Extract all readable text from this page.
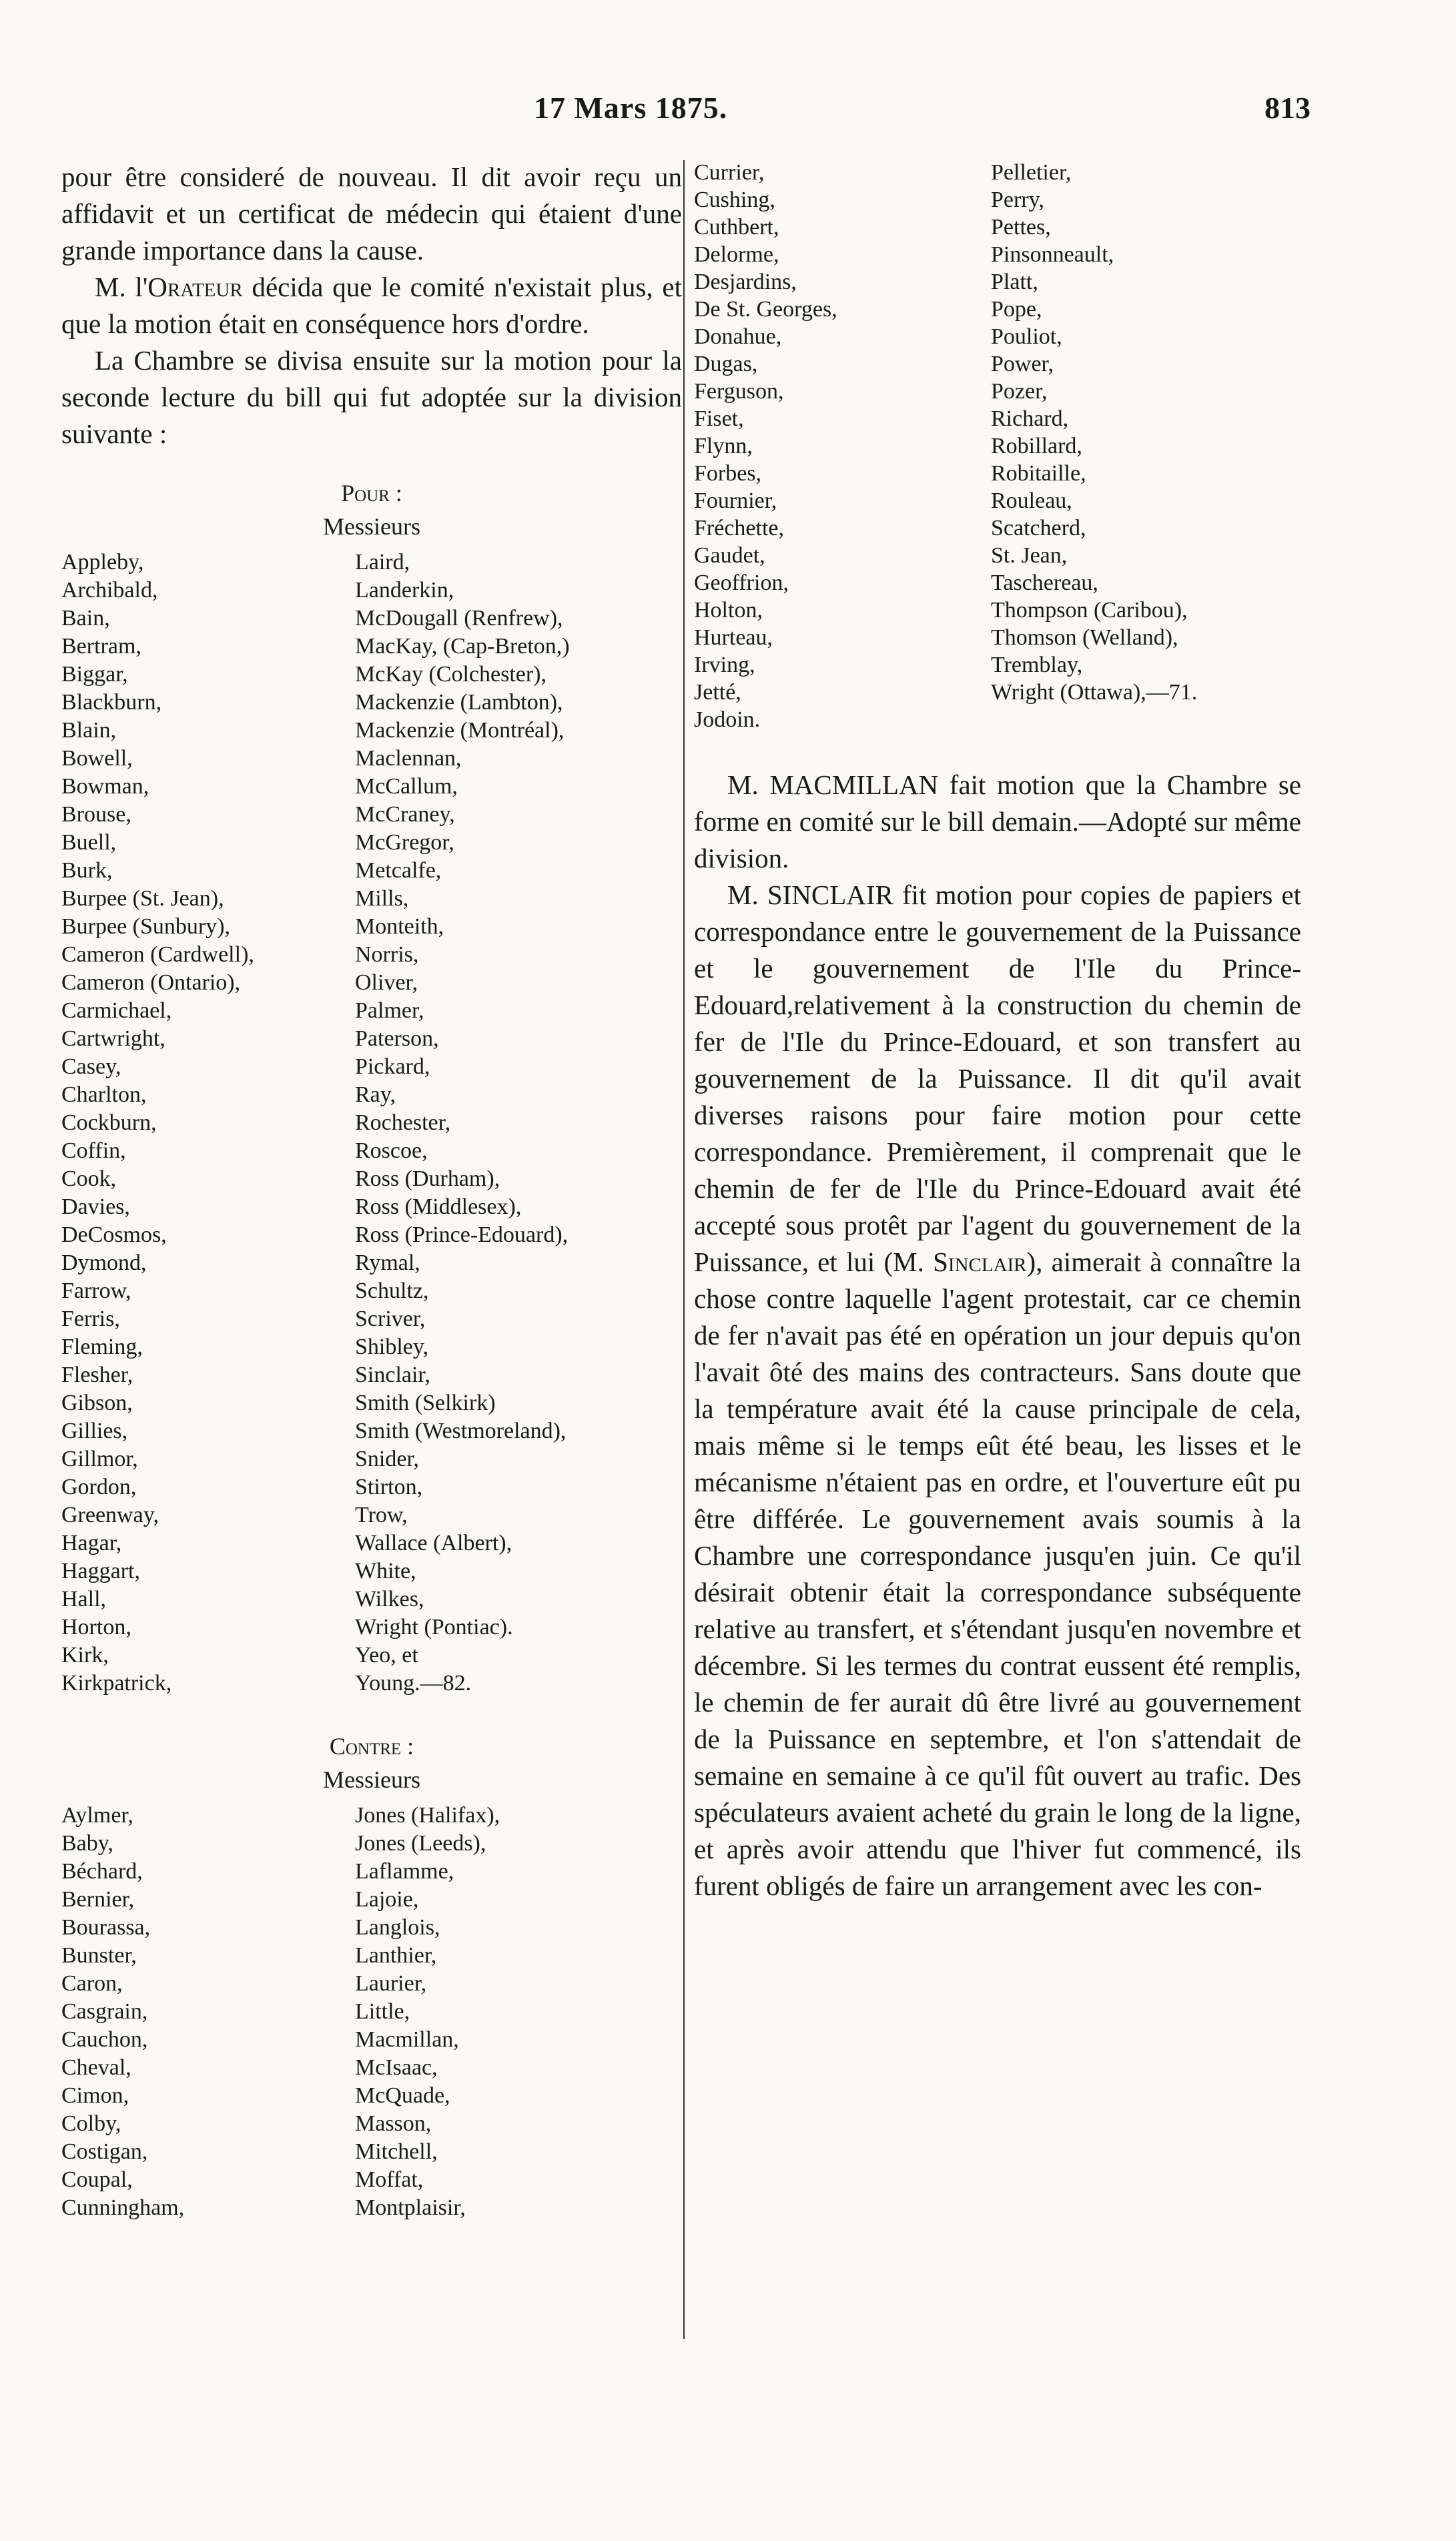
17 Mars 1875.	813

pour être consideré de nouveau. Il dit avoir reçu un affidavit et un certificat de médecin qui étaient d'une grande importance dans la cause.

M. l'Orateur décida que le comité n'existait plus, et que la motion était en conséquence hors d'ordre.

La Chambre se divisa ensuite sur la motion pour la seconde lecture du bill qui fut adoptée sur la division suivante :

Pour :

Messieurs

Appleby,	Laird,
Archibald,	Landerkin,
Bain,	McDougall (Renfrew),
Bertram,	MacKay, (Cap-Breton,)
Biggar,	McKay (Colchester),
Blackburn,	Mackenzie (Lambton),
Blain,	Mackenzie (Montréal),
Bowell,	Maclennan,
Bowman,	McCallum,
Brouse,	McCraney,
Buell,	McGregor,
Burk,	Metcalfe,
Burpee (St. Jean),	Mills,
Burpee (Sunbury),	Monteith,
Cameron (Cardwell),	Norris,
Cameron (Ontario),	Oliver,
Carmichael,	Palmer,
Cartwright,	Paterson,
Casey,	Pickard,
Charlton,	Ray,
Cockburn,	Rochester,
Coffin,	Roscoe,
Cook,	Ross (Durham),
Davies,	Ross (Middlesex),
DeCosmos,	Ross (Prince-Edouard),
Dymond,	Rymal,
Farrow,	Schultz,
Ferris,	Scriver,
Fleming,	Shibley,
Flesher,	Sinclair,
Gibson,	Smith (Selkirk)
Gillies,	Smith (Westmoreland),
Gillmor,	Snider,
Gordon,	Stirton,
Greenway,	Trow,
Hagar,	Wallace (Albert),
Haggart,	White,
Hall,	Wilkes,
Horton,	Wright (Pontiac).
Kirk,	Yeo, et
Kirkpatrick,	Young.—82.

Contre :

Messieurs

Aylmer,	Jones (Halifax),
Baby,	Jones (Leeds),
Béchard,	Laflamme,
Bernier,	Lajoie,
Bourassa,	Langlois,
Bunster,	Lanthier,
Caron,	Laurier,
Casgrain,	Little,
Cauchon,	Macmillan,
Cheval,	McIsaac,
Cimon,	McQuade,
Colby,	Masson,
Costigan,	Mitchell,
Coupal,	Moffat,
Cunningham,	Montplaisir,
Currier,	Pelletier,
Cushing,	Perry,
Cuthbert,	Pettes,
Delorme,	Pinsonneault,
Desjardins,	Platt,
De St. Georges,	Pope,
Donahue,	Pouliot,
Dugas,	Power,
Ferguson,	Pozer,
Fiset,	Richard,
Flynn,	Robillard,
Forbes,	Robitaille,
Fournier,	Rouleau,
Fréchette,	Scatcherd,
Gaudet,	St. Jean,
Geoffrion,	Taschereau,
Holton,	Thompson (Caribou),
Hurteau,	Thomson (Welland),
Irving,	Tremblay,
Jetté,	Wright (Ottawa),—71.
Jodoin.

M. MACMILLAN fait motion que la Chambre se forme en comité sur le bill demain.—Adopté sur même division.

M. SINCLAIR fit motion pour copies de papiers et correspondance entre le gouvernement de la Puissance et le gouvernement de l'Ile du Prince-Edouard,relativement à la construction du chemin de fer de l'Ile du Prince-Edouard, et son transfert au gouvernement de la Puissance. Il dit qu'il avait diverses raisons pour faire motion pour cette correspondance. Premièrement, il comprenait que le chemin de fer de l'Ile du Prince-Edouard avait été accepté sous protêt par l'agent du gouvernement de la Puissance, et lui (M. Sinclair), aimerait à connaître la chose contre laquelle l'agent protestait, car ce chemin de fer n'avait pas été en opération un jour depuis qu'on l'avait ôté des mains des contracteurs. Sans doute que la température avait été la cause principale de cela, mais même si le temps eût été beau, les lisses et le mécanisme n'étaient pas en ordre, et l'ouverture eût pu être différée. Le gouvernement avais soumis à la Chambre une correspondance jusqu'en juin. Ce qu'il désirait obtenir était la correspondance subséquente relative au transfert, et s'étendant jusqu'en novembre et décembre. Si les termes du contrat eussent été remplis, le chemin de fer aurait dû être livré au gouvernement de la Puissance en septembre, et l'on s'attendait de semaine en semaine à ce qu'il fût ouvert au trafic. Des spéculateurs avaient acheté du grain le long de la ligne, et après avoir attendu que l'hiver fut commencé, ils furent obligés de faire un arrangement avec les con-
